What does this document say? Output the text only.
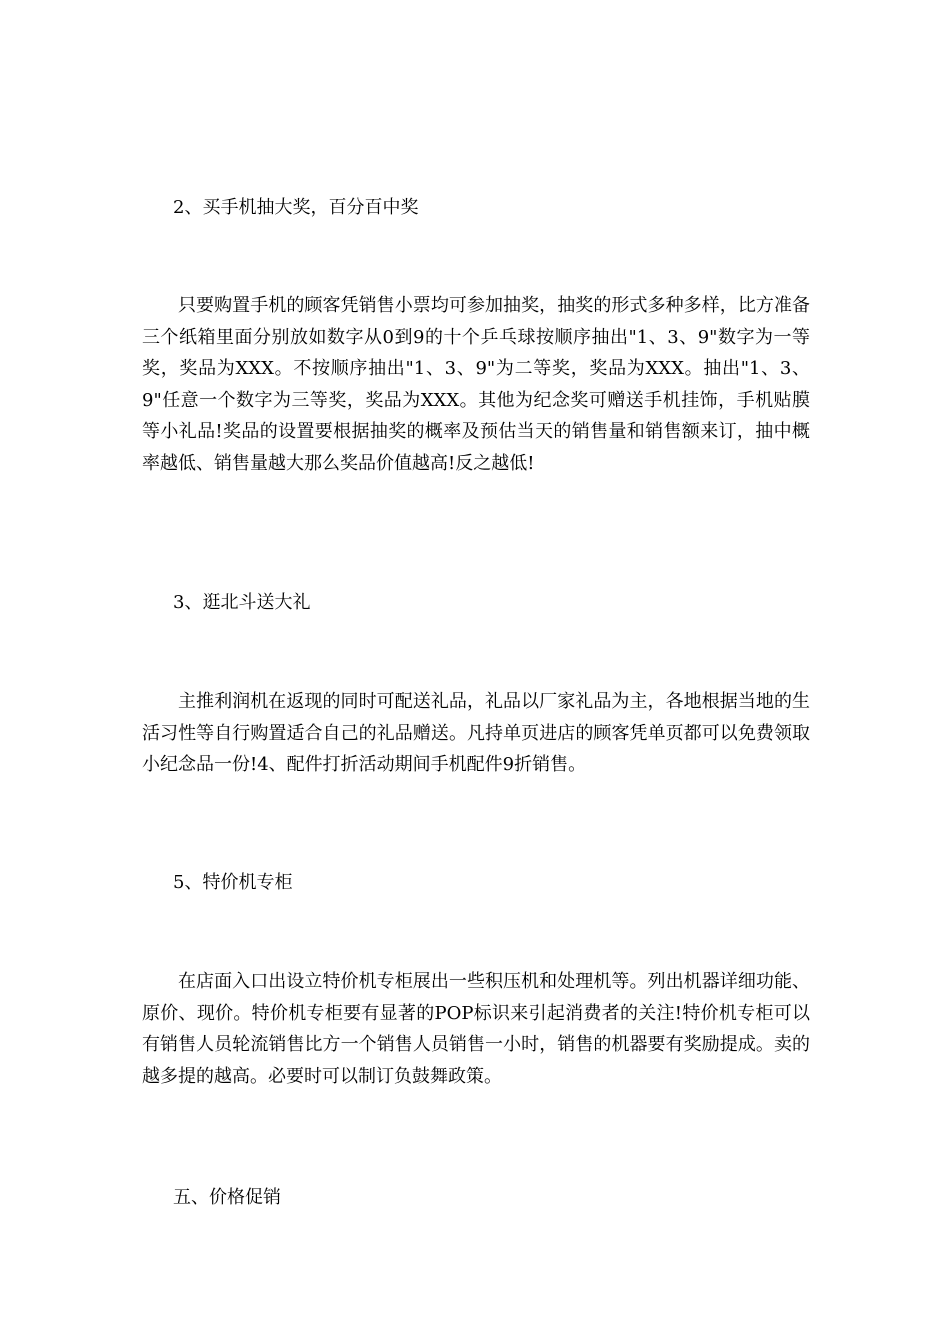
2、买手机抽大奖，百分百中奖

只要购置手机的顾客凭销售小票均可参加抽奖，抽奖的形式多种多样，比方准备三个纸箱里面分别放如数字从0到9的十个乒乓球按顺序抽出"1、3、9"数字为一等奖，奖品为XXX。不按顺序抽出"1、3、9"为二等奖，奖品为XXX。抽出"1、3、9"任意一个数字为三等奖，奖品为XXX。其他为纪念奖可赠送手机挂饰，手机贴膜等小礼品!奖品的设置要根据抽奖的概率及预估当天的销售量和销售额来订，抽中概率越低、销售量越大那么奖品价值越高!反之越低!

3、逛北斗送大礼

主推利润机在返现的同时可配送礼品，礼品以厂家礼品为主，各地根据当地的生活习性等自行购置适合自己的礼品赠送。凡持单页进店的顾客凭单页都可以免费领取小纪念品一份!4、配件打折活动期间手机配件9折销售。

5、特价机专柜

在店面入口出设立特价机专柜展出一些积压机和处理机等。列出机器详细功能、原价、现价。特价机专柜要有显著的POP标识来引起消费者的关注!特价机专柜可以有销售人员轮流销售比方一个销售人员销售一小时，销售的机器要有奖励提成。卖的越多提的越高。必要时可以制订负鼓舞政策。

五、价格促销
